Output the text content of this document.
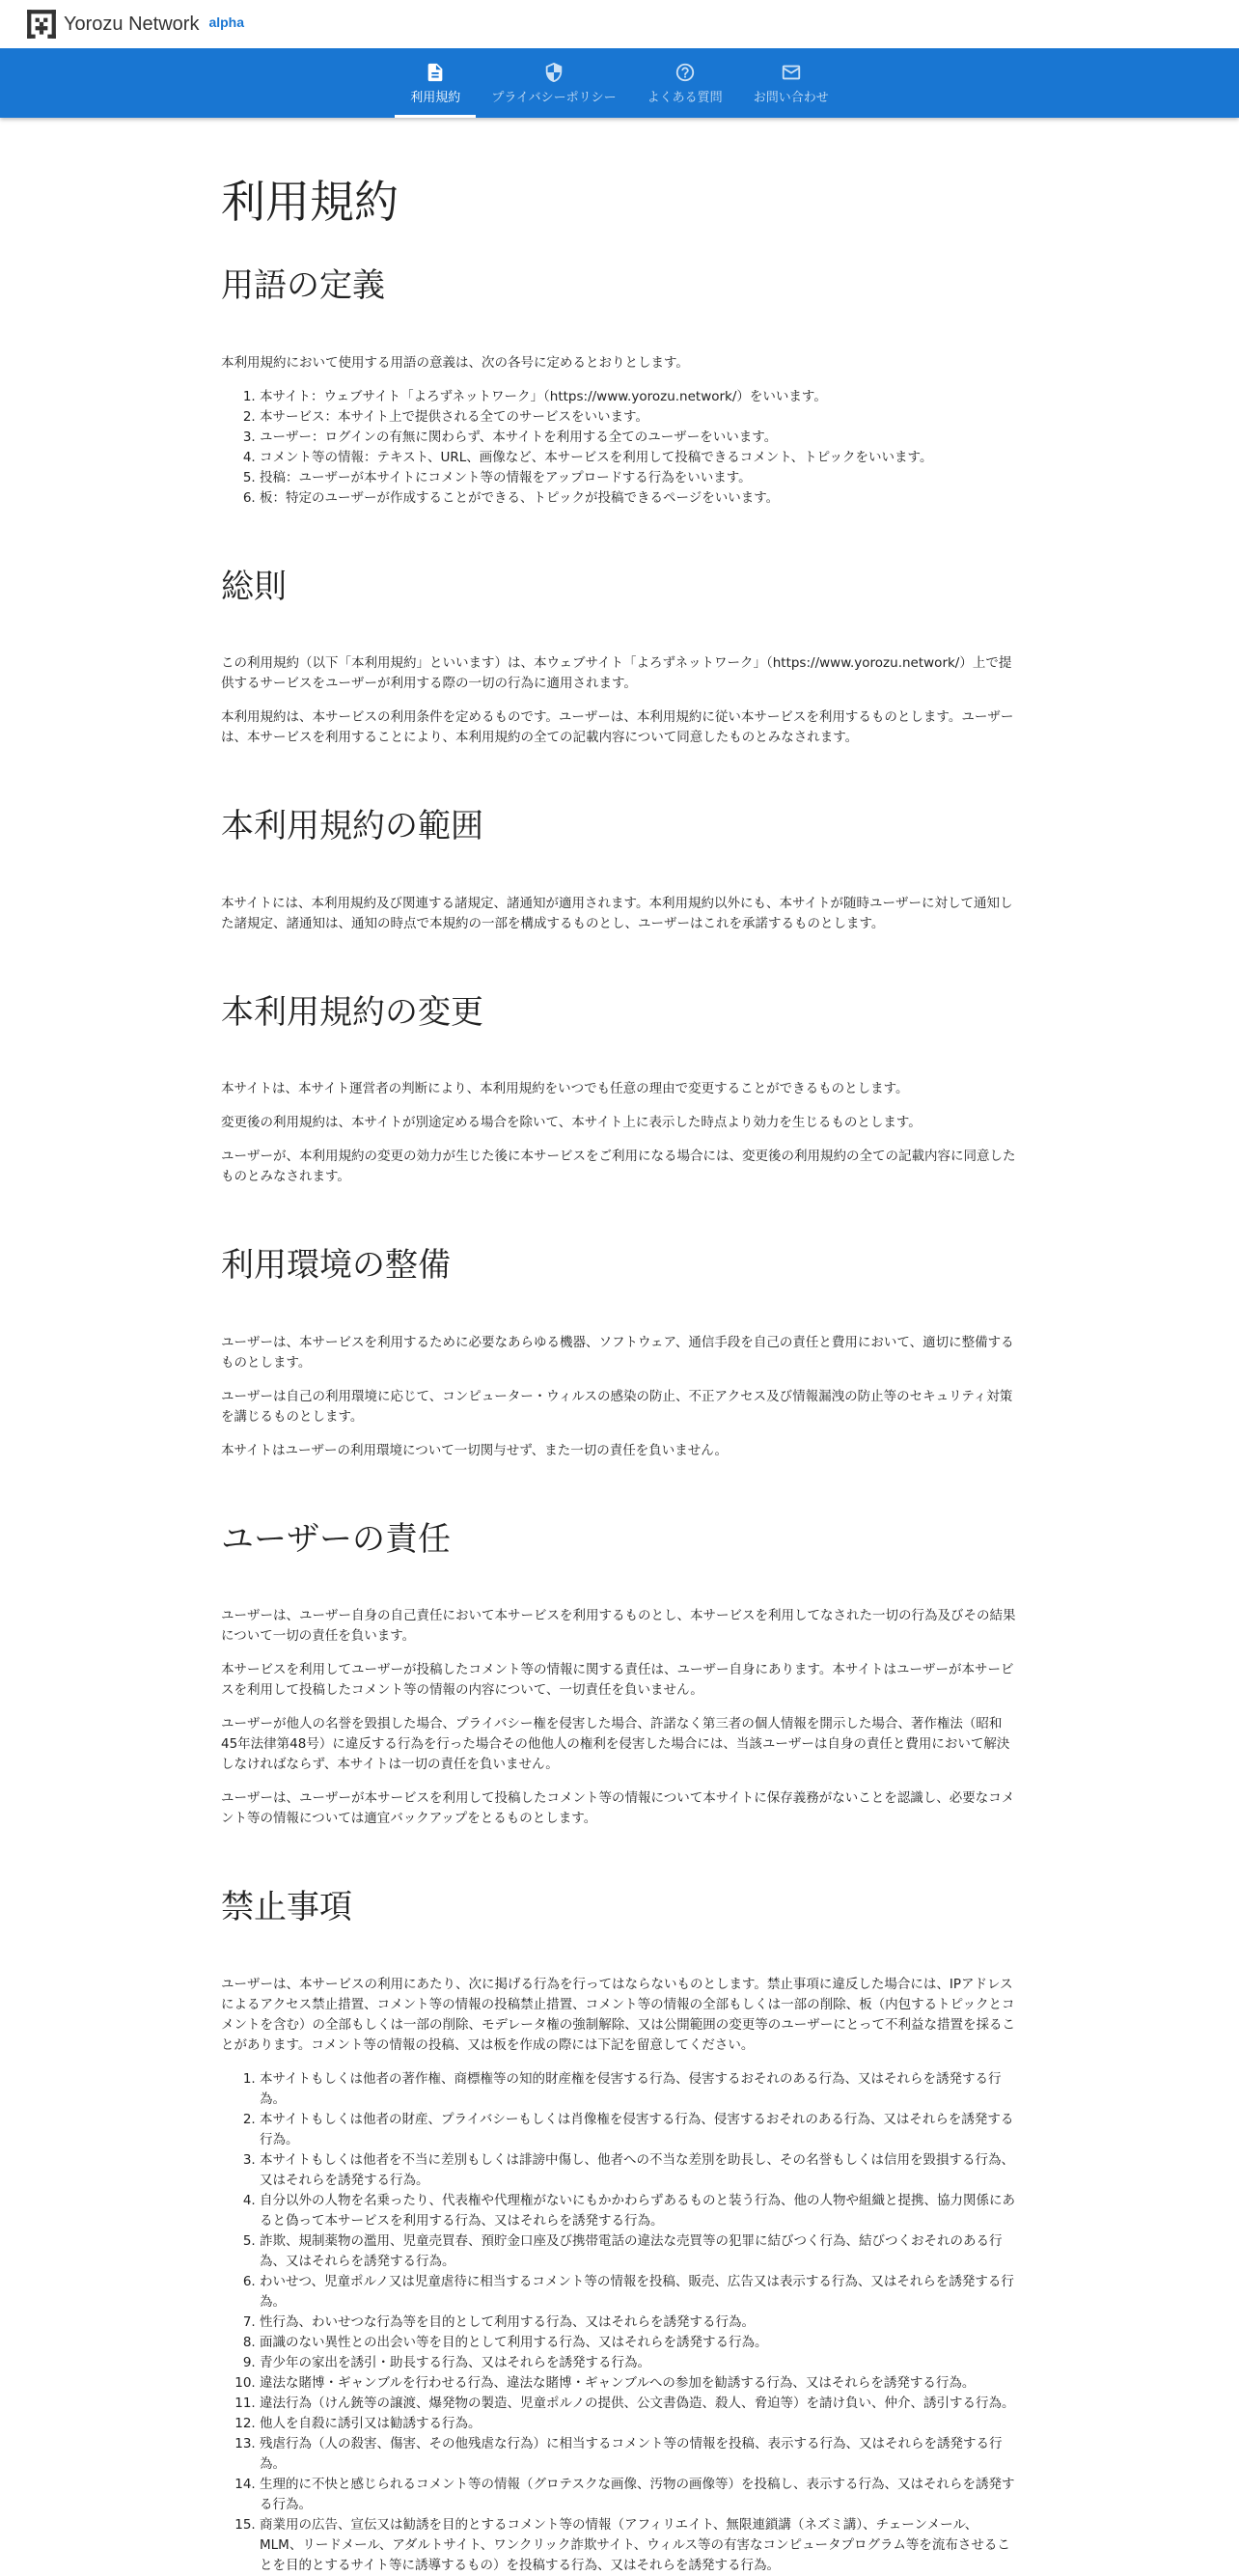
Yorozu Network alpha
利用規約 プライバシーポリシー よくある質問 お問い合わせ
利用規約
用語の定義

本利用規約において使用する用語の意義は、次の各号に定めるとおりとします。

1. 本サイト：ウェブサイト「よろずネットワーク」（https://www.yorozu.network/）をいいます。
2. 本サービス：本サイト上で提供される全てのサービスをいいます。
3. ユーザー：ログインの有無に関わらず、本サイトを利用する全てのユーザーをいいます。
4. コメント等の情報：テキスト、URL、画像など、本サービスを利用して投稿できるコメント、トピックをいいます。
5. 投稿：ユーザーが本サイトにコメント等の情報をアップロードする行為をいいます。
6. 板：特定のユーザーが作成することができる、トピックが投稿できるページをいいます。
総則

この利用規約（以下「本利用規約」といいます）は、本ウェブサイト「よろずネットワーク」（https://www.yorozu.network/）上で提供するサービスをユーザーが利用する際の一切の行為に適用されます。

本利用規約は、本サービスの利用条件を定めるものです。ユーザーは、本利用規約に従い本サービスを利用するものとします。ユーザーは、本サービスを利用することにより、本利用規約の全ての記載内容について同意したものとみなされます。

本利用規約の範囲

本サイトには、本利用規約及び関連する諸規定、諸通知が適用されます。本利用規約以外にも、本サイトが随時ユーザーに対して通知した諸規定、諸通知は、通知の時点で本規約の一部を構成するものとし、ユーザーはこれを承諾するものとします。

本利用規約の変更

本サイトは、本サイト運営者の判断により、本利用規約をいつでも任意の理由で変更することができるものとします。

変更後の利用規約は、本サイトが別途定める場合を除いて、本サイト上に表示した時点より効力を生じるものとします。

ユーザーが、本利用規約の変更の効力が生じた後に本サービスをご利用になる場合には、変更後の利用規約の全ての記載内容に同意したものとみなされます。

利用環境の整備

ユーザーは、本サービスを利用するために必要なあらゆる機器、ソフトウェア、通信手段を自己の責任と費用において、適切に整備するものとします。

ユーザーは自己の利用環境に応じて、コンピューター・ウィルスの感染の防止、不正アクセス及び情報漏洩の防止等のセキュリティ対策を講じるものとします。

本サイトはユーザーの利用環境について一切関与せず、また一切の責任を負いません。

ユーザーの責任

ユーザーは、ユーザー自身の自己責任において本サービスを利用するものとし、本サービスを利用してなされた一切の行為及びその結果について一切の責任を負います。

本サービスを利用してユーザーが投稿したコメント等の情報に関する責任は、ユーザー自身にあります。本サイトはユーザーが本サービスを利用して投稿したコメント等の情報の内容について、一切責任を負いません。

ユーザーが他人の名誉を毀損した場合、プライバシー権を侵害した場合、許諾なく第三者の個人情報を開示した場合、著作権法（昭和45年法律第48号）に違反する行為を行った場合その他他人の権利を侵害した場合には、当該ユーザーは自身の責任と費用において解決しなければならず、本サイトは一切の責任を負いません。

ユーザーは、ユーザーが本サービスを利用して投稿したコメント等の情報について本サイトに保存義務がないことを認識し、必要なコメント等の情報については適宜バックアップをとるものとします。

禁止事項

ユーザーは、本サービスの利用にあたり、次に掲げる行為を行ってはならないものとします。禁止事項に違反した場合には、IPアドレスによるアクセス禁止措置、コメント等の情報の投稿禁止措置、コメント等の情報の全部もしくは一部の削除、板（内包するトピックとコメントを含む）の全部もしくは一部の削除、モデレータ権の強制解除、又は公開範囲の変更等のユーザーにとって不利益な措置を採ることがあります。コメント等の情報の投稿、又は板を作成の際には下記を留意してください。

1. 本サイトもしくは他者の著作権、商標権等の知的財産権を侵害する行為、侵害するおそれのある行為、又はそれらを誘発する行為。
2. 本サイトもしくは他者の財産、プライバシーもしくは肖像権を侵害する行為、侵害するおそれのある行為、又はそれらを誘発する行為。
3. 本サイトもしくは他者を不当に差別もしくは誹謗中傷し、他者への不当な差別を助長し、その名誉もしくは信用を毀損する行為、又はそれらを誘発する行為。
4. 自分以外の人物を名乗ったり、代表権や代理権がないにもかかわらずあるものと装う行為、他の人物や組織と提携、協力関係にあると偽って本サービスを利用する行為、又はそれらを誘発する行為。
5. 詐欺、規制薬物の濫用、児童売買春、預貯金口座及び携帯電話の違法な売買等の犯罪に結びつく行為、結びつくおそれのある行為、又はそれらを誘発する行為。
6. わいせつ、児童ポルノ又は児童虐待に相当するコメント等の情報を投稿、販売、広告又は表示する行為、又はそれらを誘発する行為。
7. 性行為、わいせつな行為等を目的として利用する行為、又はそれらを誘発する行為。
8. 面識のない異性との出会い等を目的として利用する行為、又はそれらを誘発する行為。
9. 青少年の家出を誘引・助長する行為、又はそれらを誘発する行為。
10. 違法な賭博・ギャンブルを行わせる行為、違法な賭博・ギャンブルへの参加を勧誘する行為、又はそれらを誘発する行為。
11. 違法行為（けん銃等の譲渡、爆発物の製造、児童ポルノの提供、公文書偽造、殺人、脅迫等）を請け負い、仲介、誘引する行為。
12. 他人を自殺に誘引又は勧誘する行為。
13. 残虐行為（人の殺害、傷害、その他残虐な行為）に相当するコメント等の情報を投稿、表示する行為、又はそれらを誘発する行為。
14. 生理的に不快と感じられるコメント等の情報（グロテスクな画像、汚物の画像等）を投稿し、表示する行為、又はそれらを誘発する行為。
15. 商業用の広告、宣伝又は勧誘を目的とするコメント等の情報（アフィリエイト、無限連鎖講（ネズミ講）、チェーンメール、MLM、リードメール、アダルトサイト、ワンクリック詐欺サイト、ウィルス等の有害なコンピュータプログラム等を流布させることを目的とするサイト等に誘導するもの）を投稿する行為、又はそれらを誘発する行為。
